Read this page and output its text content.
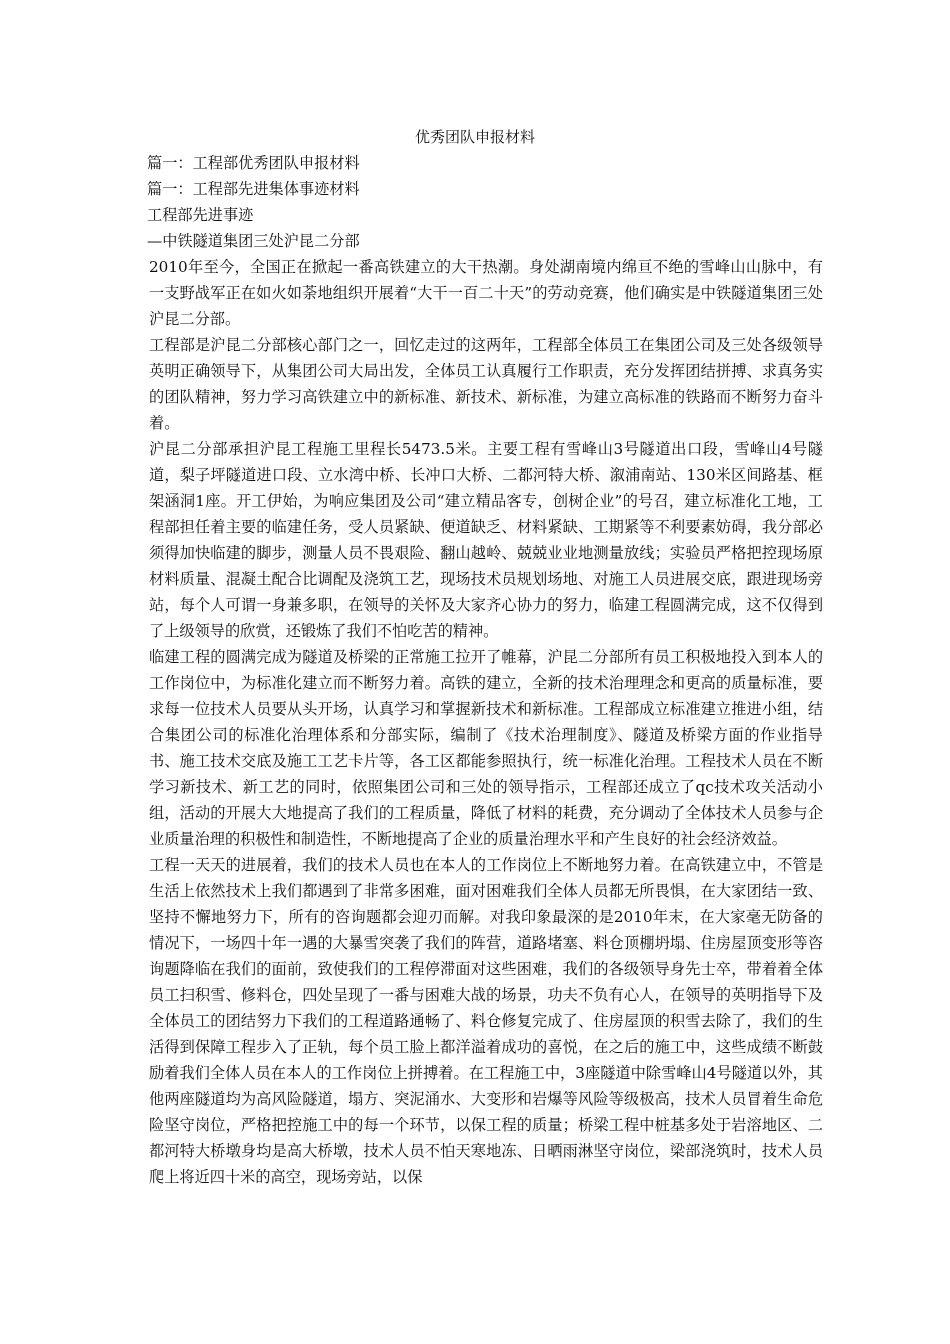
优秀团队申报材料

篇一：工程部优秀团队申报材料

篇一：工程部先进集体事迹材料

工程部先进事迹

—中铁隧道集团三处沪昆二分部

2010年至今，全国正在掀起一番高铁建立的大干热潮。身处湖南境内绵亘不绝的雪峰山山脉中，有一支野战军正在如火如荼地组织开展着“大干一百二十天”的劳动竞赛，他们确实是中铁隧道集团三处沪昆二分部。

工程部是沪昆二分部核心部门之一，回忆走过的这两年，工程部全体员工在集团公司及三处各级领导英明正确领导下，从集团公司大局出发，全体员工认真履行工作职责，充分发挥团结拼搏、求真务实的团队精神，努力学习高铁建立中的新标准、新技术、新标准，为建立高标准的铁路而不断努力奋斗着。

沪昆二分部承担沪昆工程施工里程长5473.5米。主要工程有雪峰山3号隧道出口段，雪峰山4号隧道，梨子坪隧道进口段、立水湾中桥、长冲口大桥、二都河特大桥、溆浦南站、130米区间路基、框架涵洞1座。开工伊始，为响应集团及公司“建立精品客专，创树企业”的号召，建立标准化工地，工程部担任着主要的临建任务，受人员紧缺、便道缺乏、材料紧缺、工期紧等不利要素妨碍，我分部必须得加快临建的脚步，测量人员不畏艰险、翻山越岭、兢兢业业地测量放线；实验员严格把控现场原材料质量、混凝土配合比调配及浇筑工艺，现场技术员规划场地、对施工人员进展交底，跟进现场旁站，每个人可谓一身兼多职，在领导的关怀及大家齐心协力的努力，临建工程圆满完成，这不仅得到了上级领导的欣赏，还锻炼了我们不怕吃苦的精神。

临建工程的圆满完成为隧道及桥梁的正常施工拉开了帷幕，沪昆二分部所有员工积极地投入到本人的工作岗位中，为标准化建立而不断努力着。高铁的建立，全新的技术治理理念和更高的质量标准，要求每一位技术人员要从头开场，认真学习和掌握新技术和新标准。工程部成立标准建立推进小组，结合集团公司的标准化治理体系和分部实际，编制了《技术治理制度》、隧道及桥梁方面的作业指导书、施工技术交底及施工工艺卡片等，各工区都能参照执行，统一标准化治理。工程技术人员在不断学习新技术、新工艺的同时，依照集团公司和三处的领导指示，工程部还成立了qc技术攻关活动小组，活动的开展大大地提高了我们的工程质量，降低了材料的耗费，充分调动了全体技术人员参与企业质量治理的积极性和制造性，不断地提高了企业的质量治理水平和产生良好的社会经济效益。

工程一天天的进展着，我们的技术人员也在本人的工作岗位上不断地努力着。在高铁建立中，不管是生活上依然技术上我们都遇到了非常多困难，面对困难我们全体人员都无所畏惧，在大家团结一致、坚持不懈地努力下，所有的咨询题都会迎刃而解。对我印象最深的是2010年末，在大家毫无防备的情况下，一场四十年一遇的大暴雪突袭了我们的阵营，道路堵塞、料仓顶棚坍塌、住房屋顶变形等咨询题降临在我们的面前，致使我们的工程停滞面对这些困难，我们的各级领导身先士卒，带着着全体员工扫积雪、修料仓，四处呈现了一番与困难大战的场景，功夫不负有心人，在领导的英明指导下及全体员工的团结努力下我们的工程道路通畅了、料仓修复完成了、住房屋顶的积雪去除了，我们的生活得到保障工程步入了正轨，每个员工脸上都洋溢着成功的喜悦，在之后的施工中，这些成绩不断鼓励着我们全体人员在本人的工作岗位上拼搏着。在工程施工中，3座隧道中除雪峰山4号隧道以外，其他两座隧道均为高风险隧道，塌方、突泥涌水、大变形和岩爆等风险等级极高，技术人员冒着生命危险坚守岗位，严格把控施工中的每一个环节，以保工程的质量；桥梁工程中桩基多处于岩溶地区、二都河特大桥墩身均是高大桥墩，技术人员不怕天寒地冻、日晒雨淋坚守岗位，梁部浇筑时，技术人员爬上将近四十米的高空，现场旁站，以保
